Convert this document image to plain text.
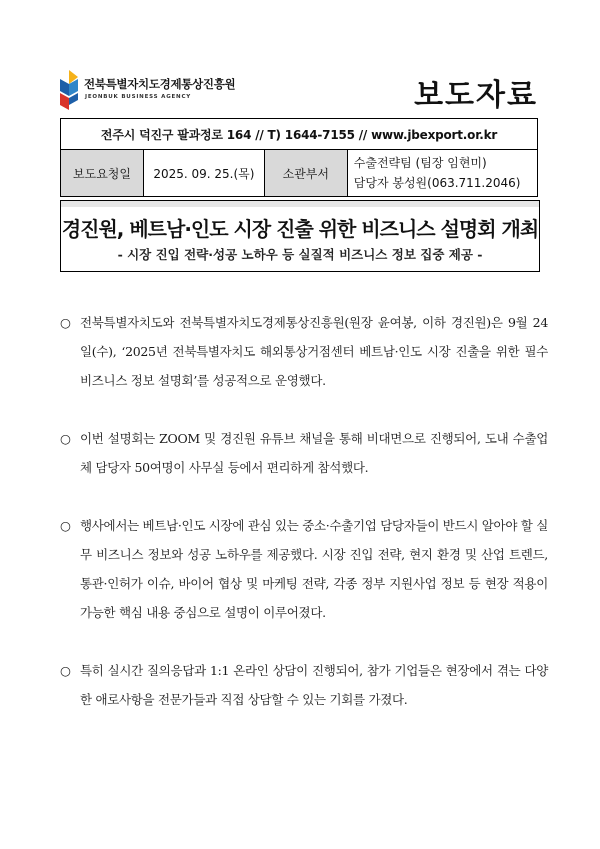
전북특별자치도경제통상진흥원
JEONBUK BUSINESS AGENCY	보도자료
전주시 덕진구 팔과정로 164 // T) 1644-7155 // www.jbexport.or.kr
보도요청일	2025. 09. 25.(목)	소관부서	
수출전략팀 (팀장 임현미)
담당자 봉성원(063.711.2046)
경진원, 베트남·인도 시장 진출 위한 비즈니스 설명회 개최
- 시장 진입 전략·성공 노하우 등 실질적 비즈니스 정보 집중 제공 -
○ 전북특별자치도와 전북특별자치도경제통상진흥원(원장 윤여봉, 이하 경진원)은 9월 24일(수), ‘2025년 전북특별자치도 해외통상거점센터 베트남·인도 시장 진출을 위한 필수 비즈니스 정보 설명회’를 성공적으로 운영했다.
○ 이번 설명회는 ZOOM 및 경진원 유튜브 채널을 통해 비대면으로 진행되어, 도내 수출업체 담당자 50여명이 사무실 등에서 편리하게 참석했다.
○ 행사에서는 베트남·인도 시장에 관심 있는 중소·수출기업 담당자들이 반드시 알아야 할 실무 비즈니스 정보와 성공 노하우를 제공했다. 시장 진입 전략, 현지 환경 및 산업 트렌드, 통관·인허가 이슈, 바이어 협상 및 마케팅 전략, 각종 정부 지원사업 정보 등 현장 적용이 가능한 핵심 내용 중심으로 설명이 이루어졌다.
○ 특히 실시간 질의응답과 1:1 온라인 상담이 진행되어, 참가 기업들은 현장에서 겪는 다양한 애로사항을 전문가들과 직접 상담할 수 있는 기회를 가졌다.
